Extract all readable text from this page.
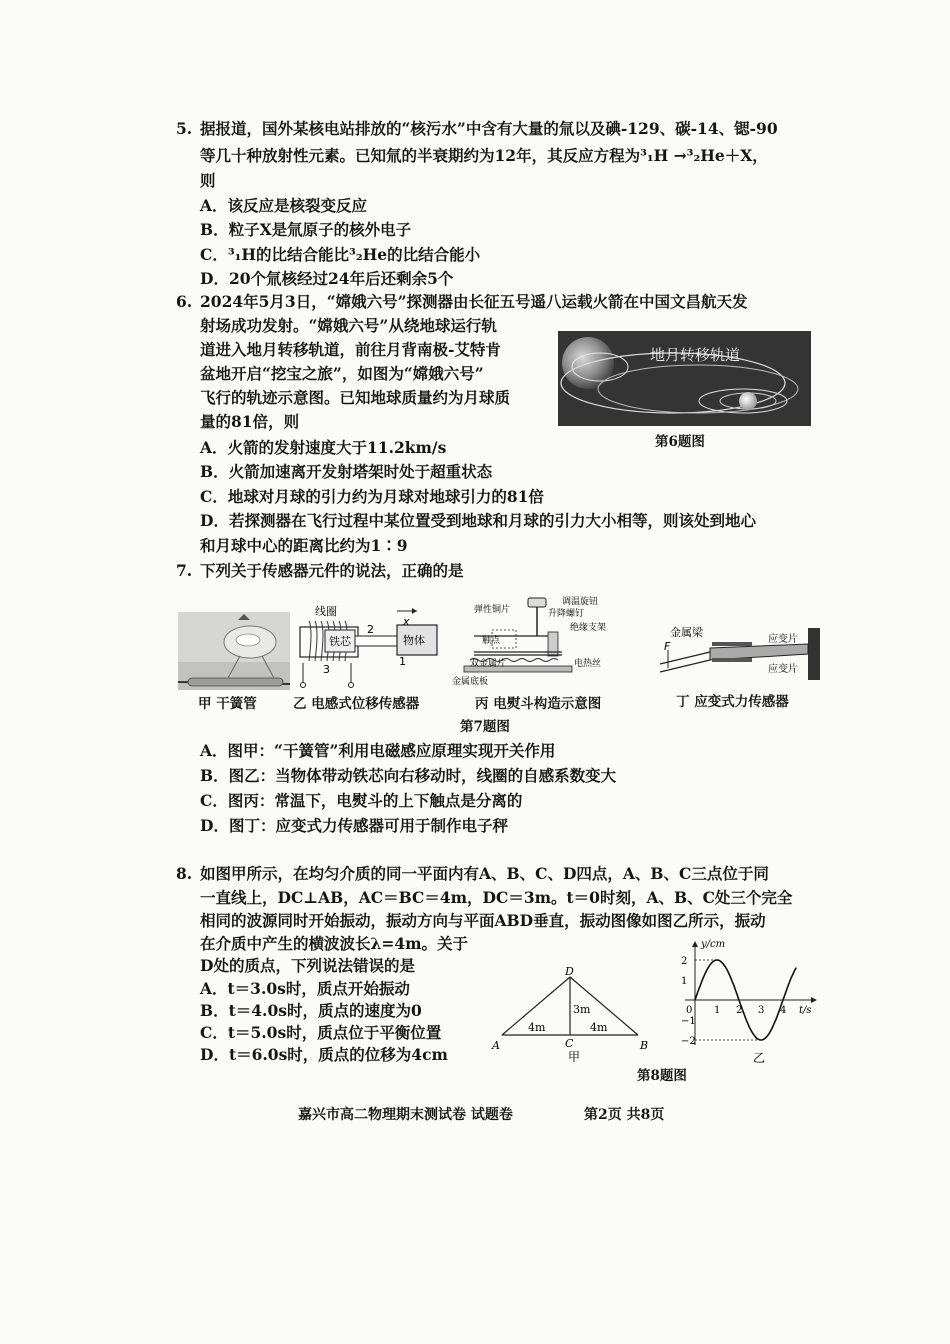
5. 据报道，国外某核电站排放的“核污水”中含有大量的氚以及碘-129、碳-14、锶-90
等几十种放射性元素。已知氚的半衰期约为12年，其反应方程为³₁H →³₂He＋X，
则
A．该反应是核裂变反应
B．粒子X是氚原子的核外电子
C．³₁H的比结合能比³₂He的比结合能小
D．20个氚核经过24年后还剩余5个
6. 2024年5月3日，“嫦娥六号”探测器由长征五号遥八运载火箭在中国文昌航天发
射场成功发射。“嫦娥六号”从绕地球运行轨
道进入地月转移轨道，前往月背南极-艾特肯
盆地开启“挖宝之旅”，如图为“嫦娥六号”
飞行的轨迹示意图。已知地球质量约为月球质
量的81倍，则
地月转移轨道
第6题图
A．火箭的发射速度大于11.2km/s
B．火箭加速离开发射塔架时处于超重状态
C．地球对月球的引力约为月球对地球引力的81倍
D．若探测器在飞行过程中某位置受到地球和月球的引力大小相等，则该处到地心
和月球中心的距离比约为1∶9
7. 下列关于传感器元件的说法，正确的是
甲 干簧管
线圈
铁芯	物体
x
1
2
3
乙 电感式位移传感器
调温旋钮
升降螺钉
弹性铜片
绝缘支架
触点
双金属片	电热丝
金属底板
丙 电熨斗构造示意图
F
金属梁
应变片
应变片
丁 应变式力传感器
第7题图
A．图甲：“干簧管”利用电磁感应原理实现开关作用
B．图乙：当物体带动铁芯向右移动时，线圈的自感系数变大
C．图丙：常温下，电熨斗的上下触点是分离的
D．图丁：应变式力传感器可用于制作电子秤
8. 如图甲所示，在均匀介质的同一平面内有A、B、C、D四点，A、B、C三点位于同
一直线上，DC⊥AB，AC＝BC＝4m，DC＝3m。t＝0时刻，A、B、C处三个完全
相同的波源同时开始振动，振动方向与平面ABD垂直，振动图像如图乙所示，振动
在介质中产生的横波波长λ=4m。关于
D处的质点，下列说法错误的是
A．t＝3.0s时，质点开始振动
B．t＝4.0s时，质点的速度为0
C．t＝5.0s时，质点位于平衡位置
D．t＝6.0s时，质点的位移为4cm	A	B
C
D
4m	4m
3m
甲
y/cm
t/s
0 1 2 3 4
2
1
−1
−2
乙
第8题图
嘉兴市高二物理期末测试卷 试题卷	第2页 共8页
